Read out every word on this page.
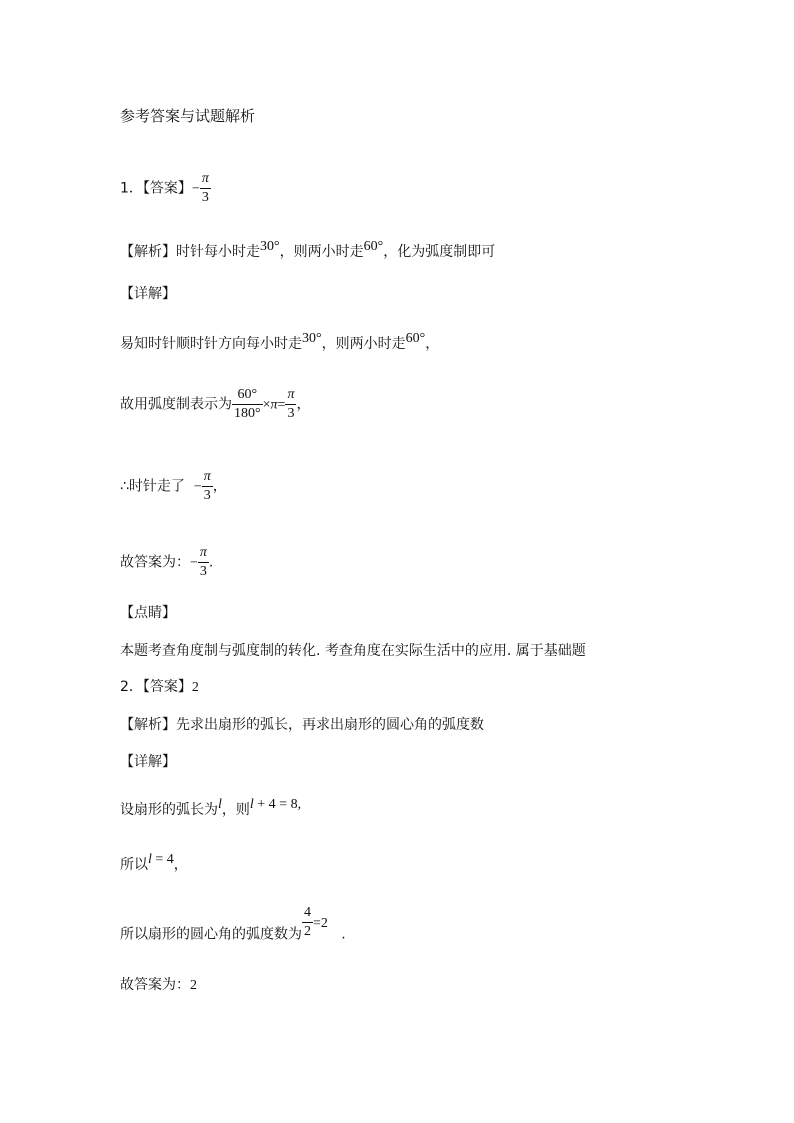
参考答案与试题解析
1．【答案】− $\frac{\pi}{3}$
【解析】时针每小时走30°，则两小时走60°，化为弧度制即可
【详解】
易知时针顺时针方向每小时走30°，则两小时走60°，
故用弧度制表示为 $\frac{60^\circ}{180^\circ} \times\pi= \frac{\pi}{3}$ ，
∴时针走了 − $\frac{\pi}{3}$ ，
故答案为：− $\frac{\pi}{3}$ .
【点睛】
本题考查角度制与弧度制的转化. 考查角度在实际生活中的应用. 属于基础题
2．【答案】2
【解析】先求出扇形的弧长，再求出扇形的圆心角的弧度数
【详解】
设扇形的弧长为l，则l + 4 = 8,
所以l = 4，
所以扇形的圆心角的弧度数为 $\frac{4}{2} =2$   .
故答案为：2
